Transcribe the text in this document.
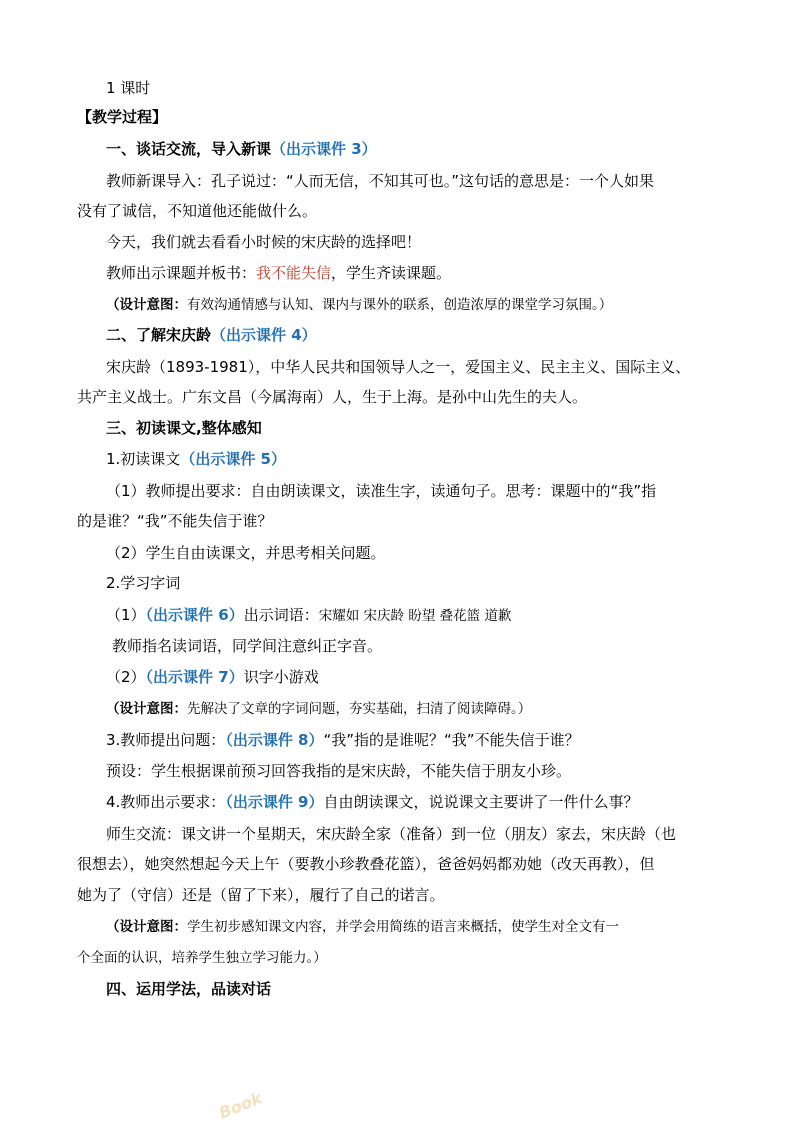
1 课时
【教学过程】
一、谈话交流，导入新课（出示课件 3）
教师新课导入：孔子说过：“人而无信，不知其可也。”这句话的意思是：一个人如果
没有了诚信，不知道他还能做什么。
今天，我们就去看看小时候的宋庆龄的选择吧！
教师出示课题并板书：我不能失信，学生齐读课题。
（设计意图：有效沟通情感与认知、课内与课外的联系，创造浓厚的课堂学习氛围。）
二、了解宋庆龄（出示课件 4）
宋庆龄（1893-1981），中华人民共和国领导人之一，爱国主义、民主主义、国际主义、
共产主义战士。广东文昌（今属海南）人，生于上海。是孙中山先生的夫人。
三、初读课文,整体感知
1.初读课文（出示课件 5）
（1）教师提出要求：自由朗读课文，读准生字，读通句子。思考：课题中的“我”指
的是谁？“我”不能失信于谁？
（2）学生自由读课文，并思考相关问题。
2.学习字词
（1）（出示课件 6）出示词语：宋耀如 宋庆龄 盼望 叠花篮 道歉
教师指名读词语，同学间注意纠正字音。
（2）（出示课件 7）识字小游戏
（设计意图：先解决了文章的字词问题，夯实基础，扫清了阅读障碍。）
3.教师提出问题：（出示课件 8）“我”指的是谁呢？“我”不能失信于谁？
预设：学生根据课前预习回答我指的是宋庆龄，不能失信于朋友小珍。
4.教师出示要求：（出示课件 9）自由朗读课文，说说课文主要讲了一件什么事？
师生交流：课文讲一个星期天，宋庆龄全家（准备）到一位（朋友）家去，宋庆龄（也
很想去），她突然想起今天上午（要教小珍教叠花篮），爸爸妈妈都劝她（改天再教），但
她为了（守信）还是（留了下来），履行了自己的诺言。
（设计意图：学生初步感知课文内容，并学会用简练的语言来概括，使学生对全文有一
个全面的认识，培养学生独立学习能力。）
四、运用学法，品读对话
Book
